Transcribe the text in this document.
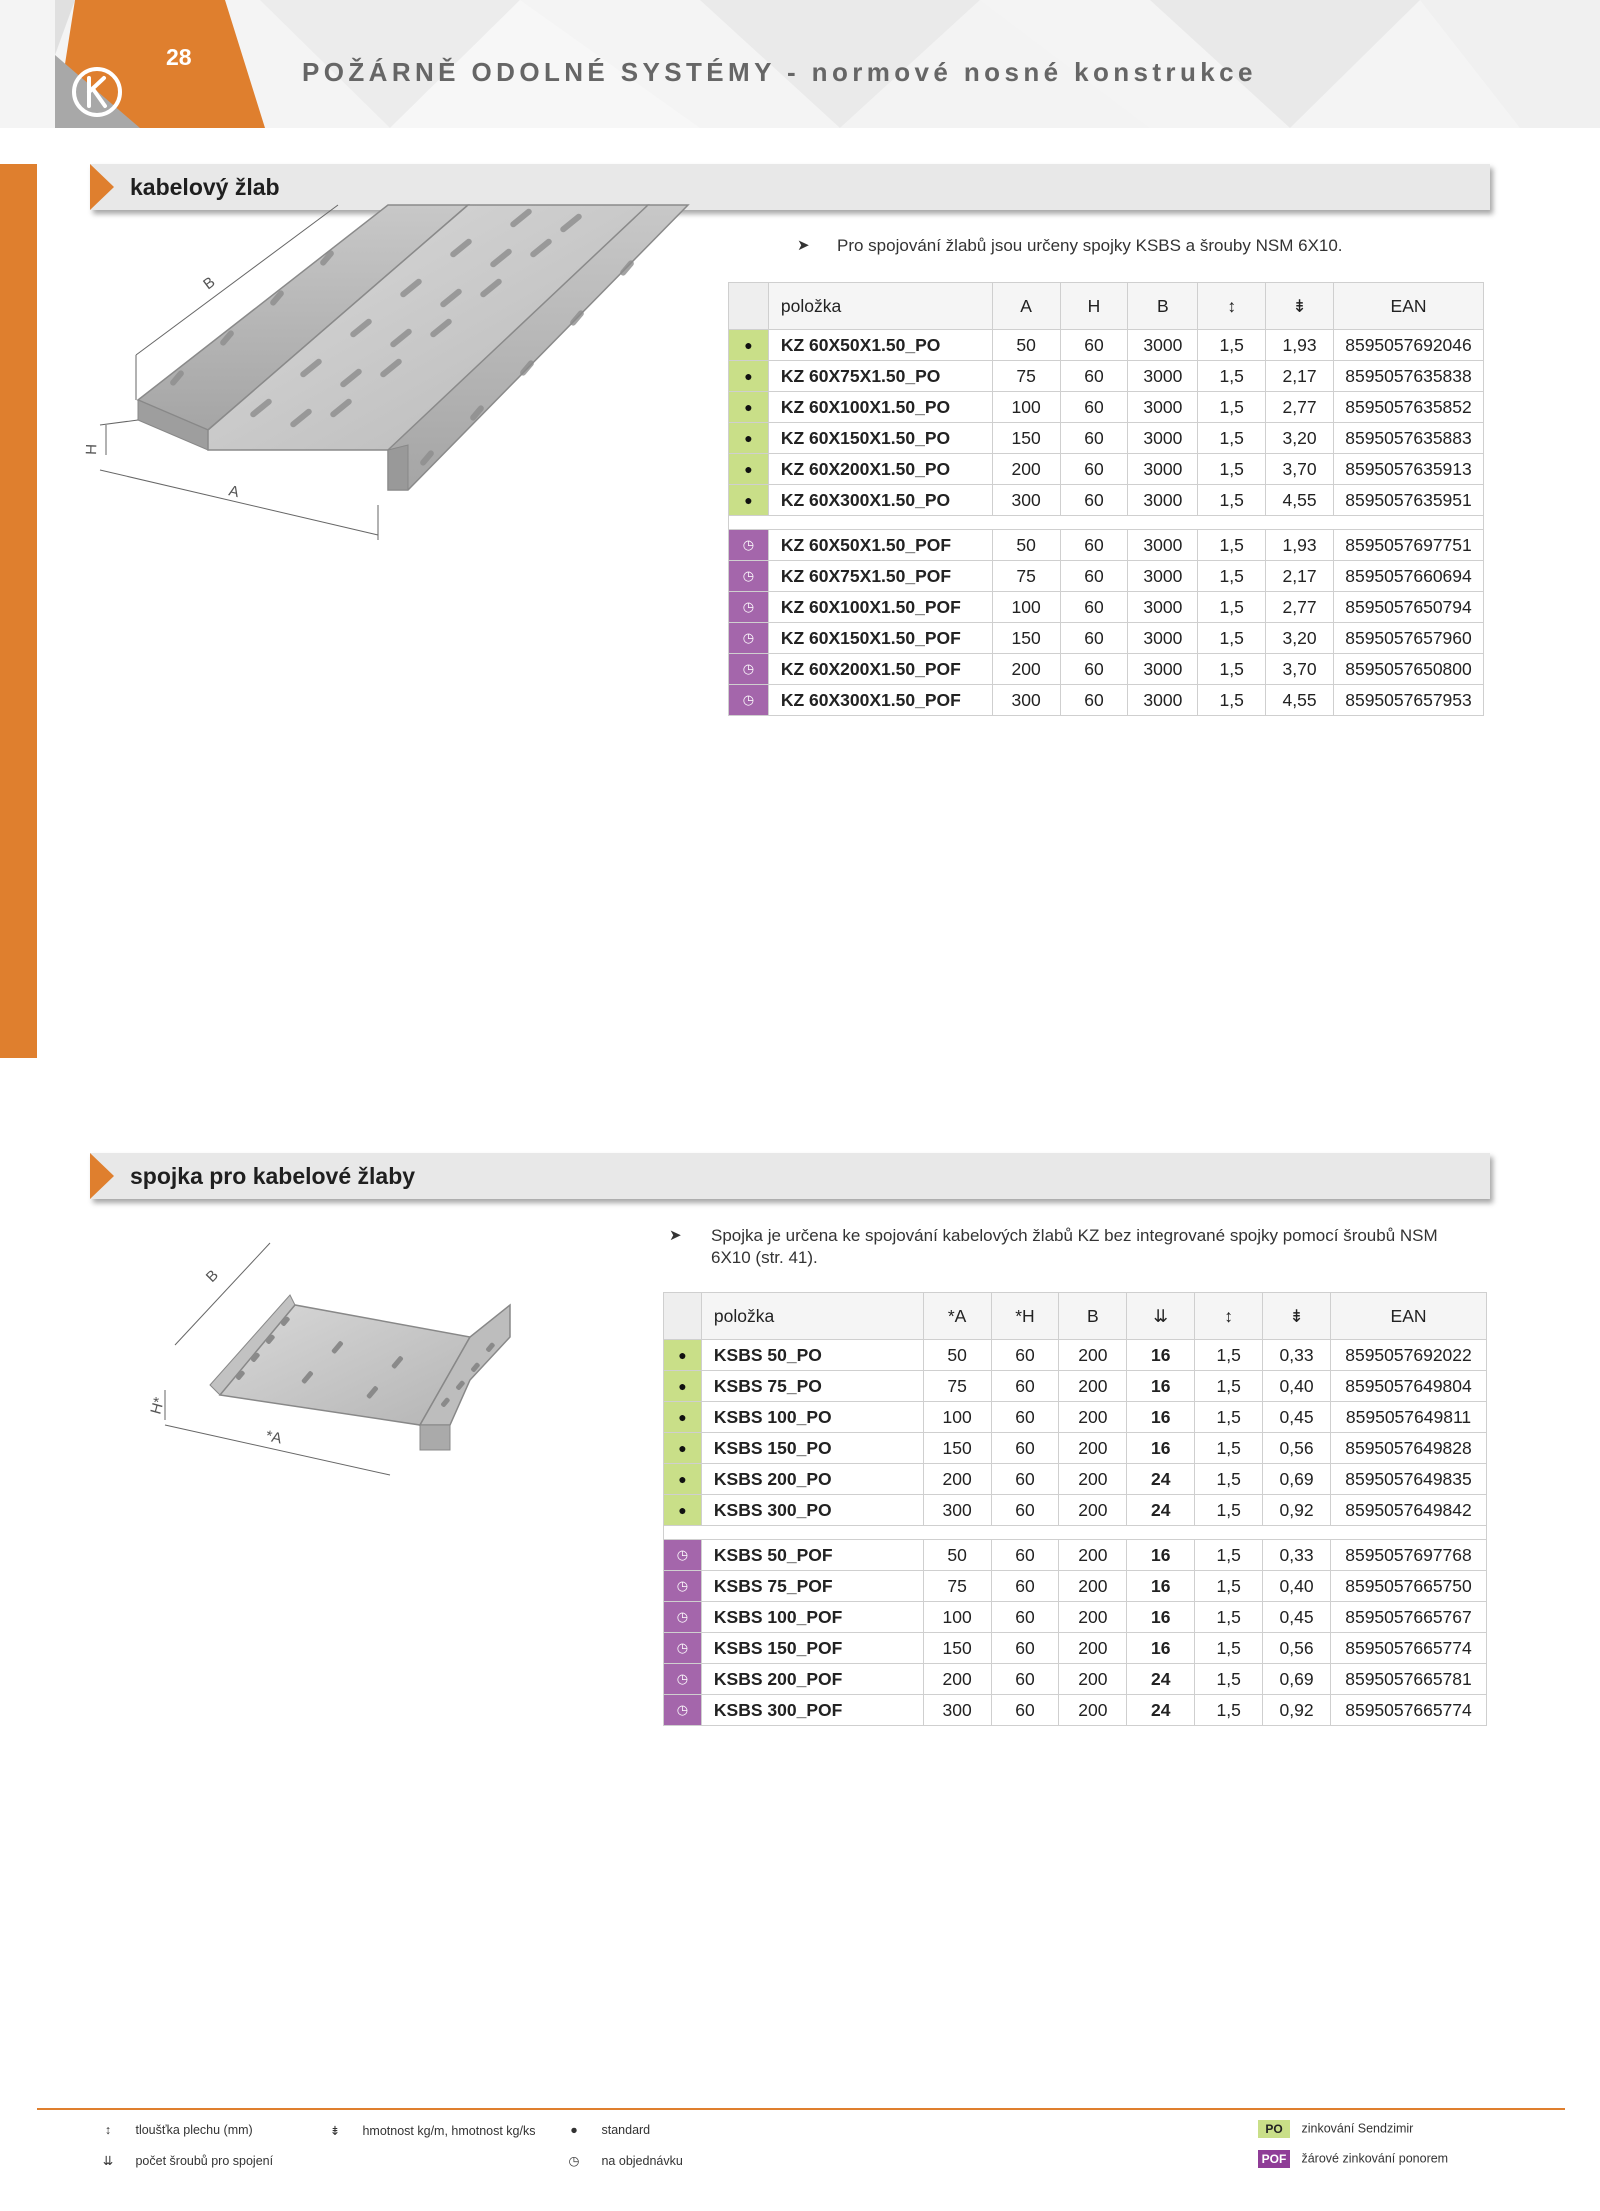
28	POŽÁRNĚ ODOLNÉ SYSTÉMY - normové nosné konstrukce
kabelový žlab
B
H
A
➤ Pro spojování žlabů jsou určeny spojky KSBS a šrouby NSM 6X10.
	položka	A	H	B	↕	⇟	EAN
●	KZ 60X50X1.50_PO	50	60	3000	1,5	1,93	8595057692046
●	KZ 60X75X1.50_PO	75	60	3000	1,5	2,17	8595057635838
●	KZ 60X100X1.50_PO	100	60	3000	1,5	2,77	8595057635852
●	KZ 60X150X1.50_PO	150	60	3000	1,5	3,20	8595057635883
●	KZ 60X200X1.50_PO	200	60	3000	1,5	3,70	8595057635913
●	KZ 60X300X1.50_PO	300	60	3000	1,5	4,55	8595057635951

◷	KZ 60X50X1.50_POF	50	60	3000	1,5	1,93	8595057697751
◷	KZ 60X75X1.50_POF	75	60	3000	1,5	2,17	8595057660694
◷	KZ 60X100X1.50_POF	100	60	3000	1,5	2,77	8595057650794
◷	KZ 60X150X1.50_POF	150	60	3000	1,5	3,20	8595057657960
◷	KZ 60X200X1.50_POF	200	60	3000	1,5	3,70	8595057650800
◷	KZ 60X300X1.50_POF	300	60	3000	1,5	4,55	8595057657953
spojka pro kabelové žlaby
B
H*
*A
➤ Spojka je určena ke spojování kabelových žlabů KZ bez integrované spojky pomocí šroubů NSM 6X10 (str. 41).
	položka	*A	*H	B	⇊	↕	⇟	EAN
●	KSBS 50_PO	50	60	200	16	1,5	0,33	8595057692022
●	KSBS 75_PO	75	60	200	16	1,5	0,40	8595057649804
●	KSBS 100_PO	100	60	200	16	1,5	0,45	8595057649811
●	KSBS 150_PO	150	60	200	16	1,5	0,56	8595057649828
●	KSBS 200_PO	200	60	200	24	1,5	0,69	8595057649835
●	KSBS 300_PO	300	60	200	24	1,5	0,92	8595057649842

◷	KSBS 50_POF	50	60	200	16	1,5	0,33	8595057697768
◷	KSBS 75_POF	75	60	200	16	1,5	0,40	8595057665750
◷	KSBS 100_POF	100	60	200	16	1,5	0,45	8595057665767
◷	KSBS 150_POF	150	60	200	16	1,5	0,56	8595057665774
◷	KSBS 200_POF	200	60	200	24	1,5	0,69	8595057665781
◷	KSBS 300_POF	300	60	200	24	1,5	0,92	8595057665774
↕ tloušťka plechu (mm)	⇟ hmotnost kg/m, hmotnost kg/ks	● standard
⇊ počet šroubů pro spojení	◷ na objednávku
PO zinkování Sendzimir
POF žárové zinkování ponorem
